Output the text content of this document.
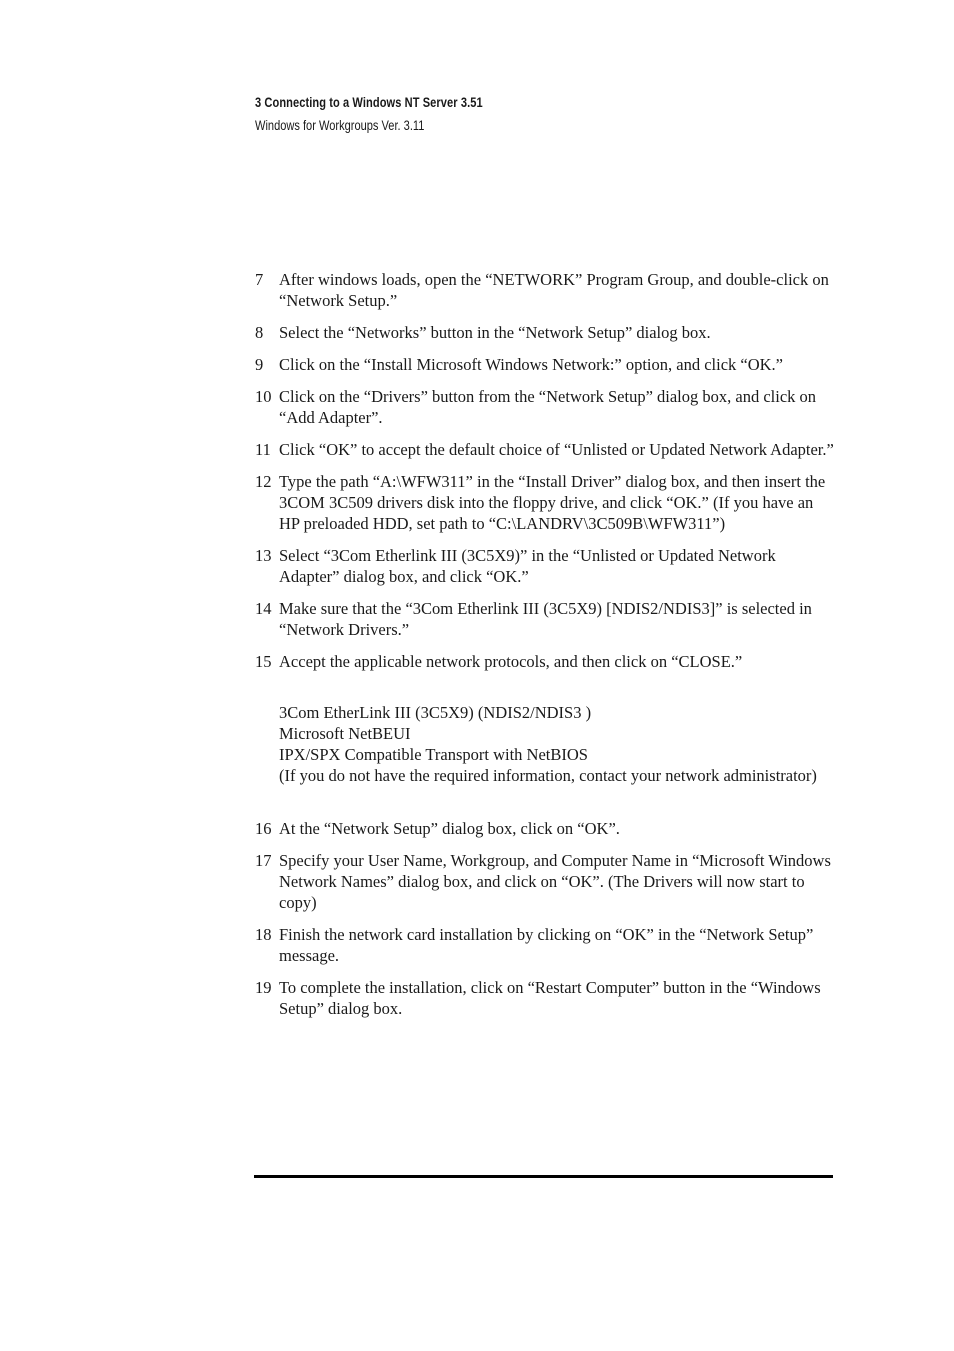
3 Connecting to a Windows NT Server 3.51
Windows for Workgroups Ver. 3.11
7 After windows loads, open the “NETWORK” Program Group, and double-click on “Network Setup.”
8 Select the “Networks” button in the “Network Setup” dialog box.
9 Click on the “Install Microsoft Windows Network:” option, and click “OK.”
10 Click on the “Drivers” button from the “Network Setup” dialog box, and click on “Add Adapter”.
11 Click “OK” to accept the default choice of “Unlisted or Updated Network Adapter.”
12 Type the path “A:\WFW311” in the “Install Driver” dialog box, and then insert the 3COM 3C509 drivers disk into the floppy drive, and click “OK.” (If you have an HP preloaded HDD, set path to “C:\LANDRV\3C509B\WFW311”)
13 Select “3Com Etherlink III (3C5X9)” in the “Unlisted or Updated Network Adapter” dialog box, and click “OK.”
14 Make sure that the “3Com Etherlink III (3C5X9) [NDIS2/NDIS3]” is selected in “Network Drivers.”
15 Accept the applicable network protocols, and then click on “CLOSE.”
3Com EtherLink III (3C5X9) (NDIS2/NDIS3 )
Microsoft NetBEUI
IPX/SPX Compatible Transport with NetBIOS
(If you do not have the required information, contact your network administrator)
16 At the “Network Setup” dialog box, click on “OK”.
17 Specify your User Name, Workgroup, and Computer Name in “Microsoft Windows Network Names” dialog box, and click on “OK”. (The Drivers will now start to copy)
18 Finish the network card installation by clicking on “OK” in the “Network Setup” message.
19 To complete the installation, click on “Restart Computer” button in the “Windows Setup” dialog box.
